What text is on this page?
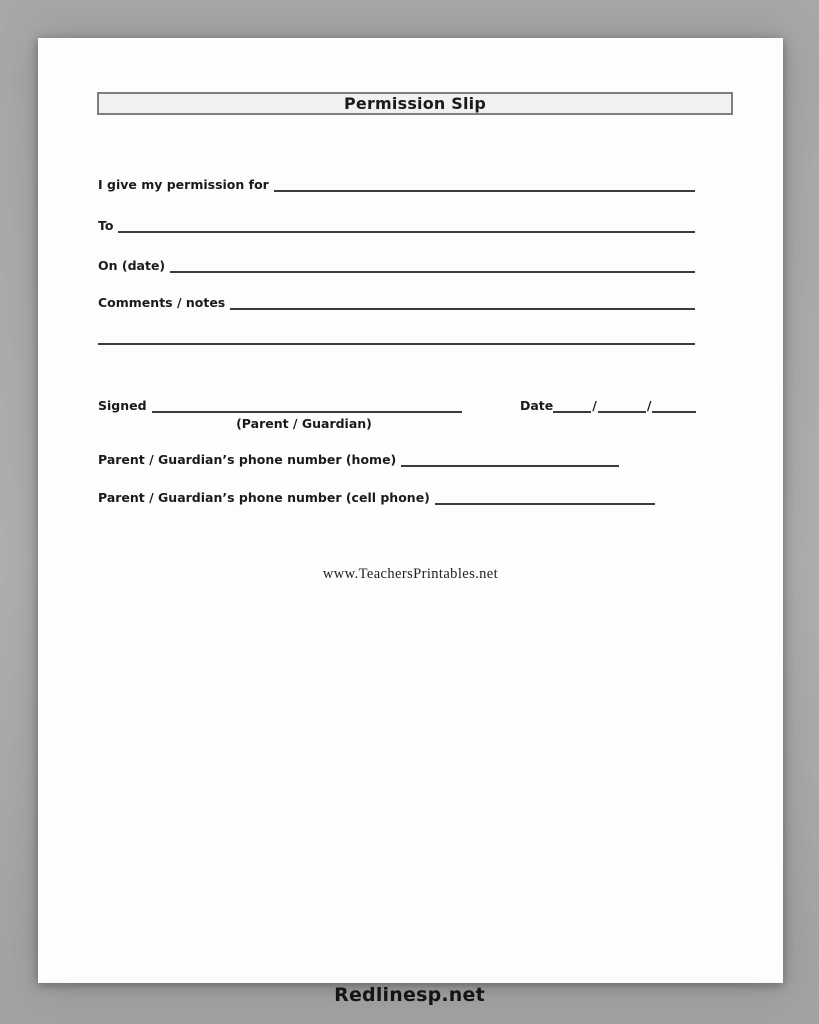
Permission Slip
I give my permission for
To
On (date)
Comments / notes
Signed
(Parent / Guardian)
Date	/	/
Parent / Guardian’s phone number (home)
Parent / Guardian’s phone number (cell phone)
www.TeachersPrintables.net
Redlinesp.net
